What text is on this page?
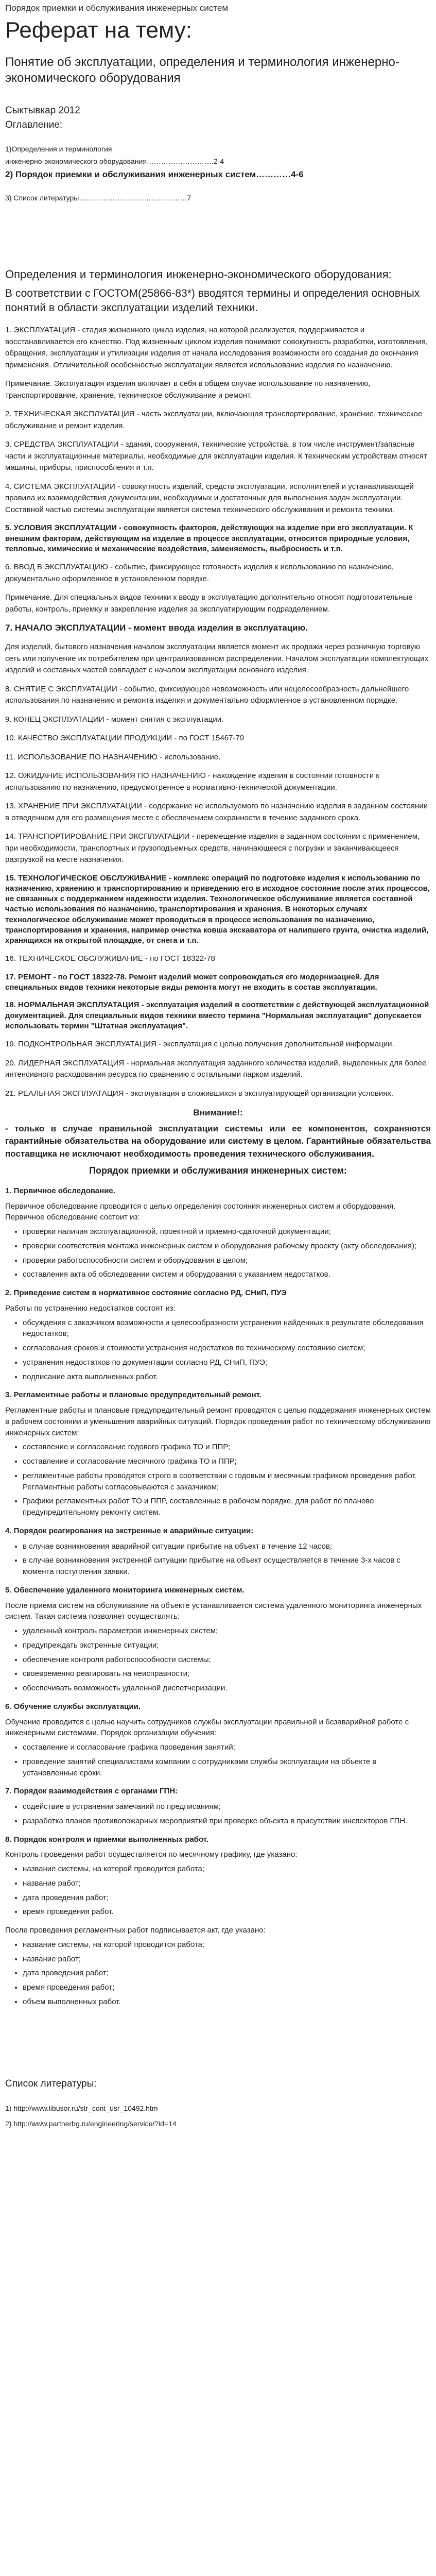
Порядок приемки и обслуживания инженерных систем
Реферат на тему:
Понятие об эксплуатации, определения и терминология инженерно-экономического оборудования

Сыктывкар 2012

Оглавление:

1)Определения и терминология

инженерно-экономического оборудования……………………….2-4

2) Порядок приемки и обслуживания инженерных систем…………4-6

3) Список литературы………………………………………7

Определения и терминология инженерно-экономического оборудования:

В соответствии с ГОСТОМ(25866-83*) вводятся термины и определения основных понятий в области эксплуатации изделий техники.

1. ЭКСПЛУАТАЦИЯ - стадия жизненного цикла изделия, на которой реализуется, поддерживается и восстанавливается его качество. Под жизненным циклом изделия понимают совокупность разработки, изготовления, обращения, эксплуатации и утилизации изделия от начала исследования возможности его создания до окончания применения. Отличительной особенностью эксплуатации является использование изделия по назначению.

Примечание. Эксплуатация изделия включает в себя в общем случае использование по назначению, транспортирование, хранение, техническое обслуживание и ремонт.

2. ТЕХНИЧЕСКАЯ ЭКСПЛУАТАЦИЯ - часть эксплуатации, включающая транспортирование, хранение, техническое обслуживание и ремонт изделия.

3. СРЕДСТВА ЭКСПЛУАТАЦИИ - здания, сооружения, технические устройства, в том числе инструмент/запасные части и эксплуатационные материалы, необходимые для эксплуатации изделия. К техническим устройствам относят машины, приборы, приспособления и т.п.

4. СИСТЕМА ЭКСПЛУАТАЦИИ - совокупность изделий, средств эксплуатации, исполнителей и устанавливающей правила их взаимодействия документации, необходимых и достаточных для выполнения задач эксплуатации. Составной частью системы эксплуатации является система технического обслуживания и ремонта техники.

5. УСЛОВИЯ ЭКСПЛУАТАЦИИ - совокупность факторов, действующих на изделие при его эксплуатации. К внешним факторам, действующим на изделие в процессе эксплуатации, относятся природные условия, тепловые, химические и механические воздействия, заменяемость, выбросность и т.п.

6. ВВОД В ЭКСПЛУАТАЦИЮ - событие, фиксирующее готовность изделия к использованию по назначению, документально оформленное в установленном порядке.

Примечание. Для специальных видов техники к вводу в эксплуатацию дополнительно относят подготовительные работы, контроль, приемку и закрепление изделия за эксплуатирующим подразделением.

7. НАЧАЛО ЭКСПЛУАТАЦИИ - момент ввода изделия в эксплуатацию.

Для изделий, бытового назначения началом эксплуатации является момент их продажи через розничную торговую сеть или получение их потребителем при централизованном распределении. Началом эксплуатации комплектующих изделий и составных частей совпадает с началом эксплуатации основного изделия.

8. СНЯТИЕ С ЭКСПЛУАТАЦИИ - событие, фиксирующее невозможность или нецелесообразность дальнейшего использования по назначению и ремонта изделия и документально оформленное в установленном порядке.

9. КОНЕЦ ЭКСПЛУАТАЦИИ - момент снятия с эксплуатации.

10. КАЧЕСТВО ЭКСПЛУАТАЦИИ ПРОДУКЦИИ - по ГОСТ 15467-79

11. ИСПОЛЬЗОВАНИЕ ПО НАЗНАЧЕНИЮ - использование.

12. ОЖИДАНИЕ ИСПОЛЬЗОВАНИЯ ПО НАЗНАЧЕНИЮ - нахождение изделия в состоянии готовности к использованию по назначению, предусмотренное в нормативно-технической документации.

13. ХРАНЕНИЕ ПРИ ЭКСПЛУАТАЦИИ - содержание не используемого по назначению изделия в заданном состоянии в отведенном для его размещения месте с обеспечением сохранности в течение заданного срока.

14. ТРАНСПОРТИРОВАНИЕ ПРИ ЭКСПЛУАТАЦИИ - перемещение изделия в заданном состоянии с применением, при необходимости, транспортных и грузоподъемных средств, начинающееся с погрузки и заканчивающееся разгрузкой на месте назначения.

15. ТЕХНОЛОГИЧЕСКОЕ ОБСЛУЖИВАНИЕ - комплекс операций по подготовке изделия к использованию по назначению, хранению и транспортированию и приведению его в исходное состояние после этих процессов, не связанных с поддержанием надежности изделия. Технологическое обслуживание является составной частью использования по назначению, транспортирования и хранения. В некоторых случаях технологическое обслуживание может проводиться в процессе использования по назначению, транспортирования и хранения, например очистка ковша экскаватора от налипшего грунта, очистка изделий, хранящихся на открытой площадке, от снега и т.п.

16. ТЕХНИЧЕСКОЕ ОБСЛУЖИВАНИЕ - по ГОСТ 18322-78

17. РЕМОНТ - по ГОСТ 18322-78. Ремонт изделий может сопровождаться его модернизацией. Для специальных видов техники некоторые виды ремонта могут не входить в состав эксплуатации.

18. НОРМАЛЬНАЯ ЭКСПЛУАТАЦИЯ - эксплуатация изделий в соответствии с действующей эксплуатационной документацией. Для специальных видов техники вместо термина "Нормальная эксплуатация" допускается использовать термин "Штатная эксплуатация".

19. ПОДКОНТРОЛЬНАЯ ЭКСПЛУАТАЦИЯ - эксплуатация с целью получения дополнительной информации.

20. ЛИДЕРНАЯ ЭКСПЛУАТАЦИЯ - нормальная эксплуатация заданного количества изделий, выделенных для более интенсивного расходования ресурса по сравнению с остальными парком изделий.

21. РЕАЛЬНАЯ ЭКСПЛУАТАЦИЯ - эксплуатация в сложившихся в эксплуатирующей организации условиях.

Внимание!:

- только в случае правильной эксплуатации системы или ее компонентов, сохраняются гарантийные обязательства на оборудование или систему в целом. Гарантийные обязательства поставщика не исключают необходимость проведения технического обслуживания.

Порядок приемки и обслуживания инженерных систем:

1. Первичное обследование.

Первичное обследование проводится с целью определения состояния инженерных систем и оборудования. Первичное обследование состоит из:

• проверки наличия эксплуатационной, проектной и приемно-сдаточной документации;
• проверки соответствия монтажа инженерных систем и оборудования рабочему проекту (акту обследования);
• проверки работоспособности систем и оборудования в целом;
• составления акта об обследовании систем и оборудования с указанием недостатков.

2. Приведение систем в нормативное состояние согласно РД, СНиП, ПУЭ

Работы по устранению недостатков состоят из:

• обсуждения с заказчиком возможности и целесообразности устранения найденных в результате обследования недостатков;
• согласования сроков и стоимости устранения недостатков по техническому состоянию систем;
• устранения недостатков по документации согласно РД, СНиП, ПУЭ;
• подписание акта выполненных работ.

3. Регламентные работы и плановые предупредительный ремонт.

Регламентные работы и плановые предупредительный ремонт проводятся с целью поддержания инженерных систем в рабочем состоянии и уменьшения аварийных ситуаций. Порядок проведения работ по техническому обслуживанию инженерных систем:

• составление и согласование годового графика ТО и ППР;
• составление и согласование месячного графика ТО и ППР;
• регламентные работы проводятся строго в соответствии с годовым и месячным графиком проведения работ. Регламентные работы согласовываются с заказчиком;
• Графики регламентных работ ТО и ППР, составленные в рабочем порядке, для работ по планово предупредительному ремонту систем.

4. Порядок реагирования на экстренные и аварийные ситуации:

• в случае возникновения аварийной ситуации прибытие на объект в течение 12 часов;
• в случае возникновения экстренной ситуации прибытие на объект осуществляется в течение 3-х часов с момента поступления заявки.

5. Обеспечение удаленного мониторинга инженерных систем.

После приема систем на обслуживание на объекте устанавливается система удаленного мониторинга инженерных систем. Такая система позволяет осуществлять:

• удаленный контроль параметров инженерных систем;
• предупреждать экстренные ситуации;
• обеспечение контроля работоспособности системы;
• своевременно реагировать на неисправности;
• обеспечивать возможность удаленной диспетчеризации.

6. Обучение службы эксплуатации.

Обучение проводится с целью научить сотрудников службы эксплуатации правильной и безаварийной работе с инженерными системами. Порядок организации обучения:

• составление и согласование графика проведения занятий;
• проведение занятий специалистами компании с сотрудниками службы эксплуатации на объекте в установленные сроки.

7. Порядок взаимодействия с органами ГПН:

• содействие в устранении замечаний по предписаниям;
• разработка планов противопожарных мероприятий при проверке объекта в присутствии инспекторов ГПН.

8. Порядок контроля и приемки выполненных работ.

Контроль проведения работ осуществляется по месячному графику, где указано:

• название системы, на которой проводится работа;
• название работ;
• дата проведения работ;
• время проведения работ.

После проведения регламентных работ подписывается акт, где указано:

• название системы, на которой проводится работа;
• название работ;
• дата проведения работ;
• время проведения работ;
• объем выполненных работ.

Список литературы:

1) http://www.libusor.ru/str_cont_usr_10492.htm

2) http://www.partnerbg.ru/engineering/service/?id=14
